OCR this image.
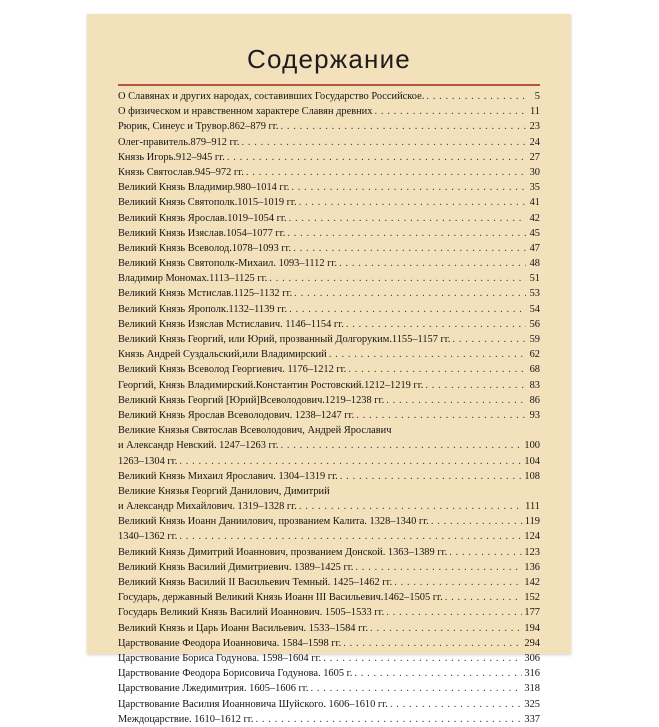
Содержание
О Славянах и других народах, составивших Государство Российское. . . .	5
О физическом и нравственном характере Славян древних . . .	11
Рюрик, Синеус и Трувор.862–879 гг. . . .	23
Олег-правитель.879–912 гг. . . .	24
Князь Игорь.912–945 гг. . . .	27
Князь Святослав.945–972 гг. . . .	30
Великий Князь Владимир.980–1014 гг. . . .	35
Великий Князь Святополк.1015–1019 гг. . . .	41
Великий Князь Ярослав.1019–1054 гг. . . .	42
Великий Князь Изяслав.1054–1077 гг. . . .	45
Великий Князь Всеволод.1078–1093 гг. . . .	47
Великий Князь Святополк-Михаил. 1093–1112 гг. . . .	48
Владимир Мономах.1113–1125 гг. . . .	51
Великий Князь Мстислав.1125–1132 гг. . . .	53
Великий Князь Ярополк.1132–1139 гг. . . .	54
Великий Князь Изяслав Мстиславич. 1146–1154 гг. . . .	56
Великий Князь Георгий, или Юрий, прозванный Долгоруким.1155–1157 гг. . . .	59
Князь Андрей Суздальский,или Владимирский . . .	62
Великий Князь Всеволод Георгиевич. 1176–1212 гг. . . .	68
Георгий, Князь Владимирский.Константин Ростовский.1212–1219 гг. . . .	83
Великий Князь Георгий [Юрий]Всеволодович.1219–1238 гг. . . .	86
Великий Князь Ярослав Всеволодович. 1238–1247 гг. . . .	93
Великие Князья Святослав Всеволодович, Андрей Ярославич
и Александр Невский. 1247–1263 гг. . . .	100
1263–1304 гг. . . .	104
Великий Князь Михаил Ярославич. 1304–1319 гг. . . .	108
Великие Князья Георгий Данилович, Димитрий
и Александр Михайлович. 1319–1328 гг. . . .	111
Великий Князь Иоанн Даниилович, прозванием Калита. 1328–1340 гг. . . .	119
1340–1362 гг. . . .	124
Великий Князь Димитрий Иоаннович, прозванием Донской. 1363–1389 гг. . . .	123
Великий Князь Василий Димитриевич. 1389–1425 гг. . . .	136
Великий Князь Василий II Васильевич Темный. 1425–1462 гг. . . .	142
Государь, державный Великий Князь Иоанн III Васильевич.1462–1505 гг. . . .	152
Государь Великий Князь Василий Иоаннович. 1505–1533 гг. . . .	177
Великий Князь и Царь Иоанн Васильевич. 1533–1584 гг. . . .	194
Царствование Феодора Иоанновича. 1584–1598 гг. . . .	294
Царствование Бориса Годунова. 1598–1604 гг. . . .	306
Царствование Феодора Борисовича Годунова. 1605 г. . . .	316
Царствование Лжедимитрия. 1605–1606 гг. . . .	318
Царствование Василия Иоанновича Шуйского. 1606–1610 гг. . . .	325
Междоцарствие. 1610–1612 гг. . . .	337
